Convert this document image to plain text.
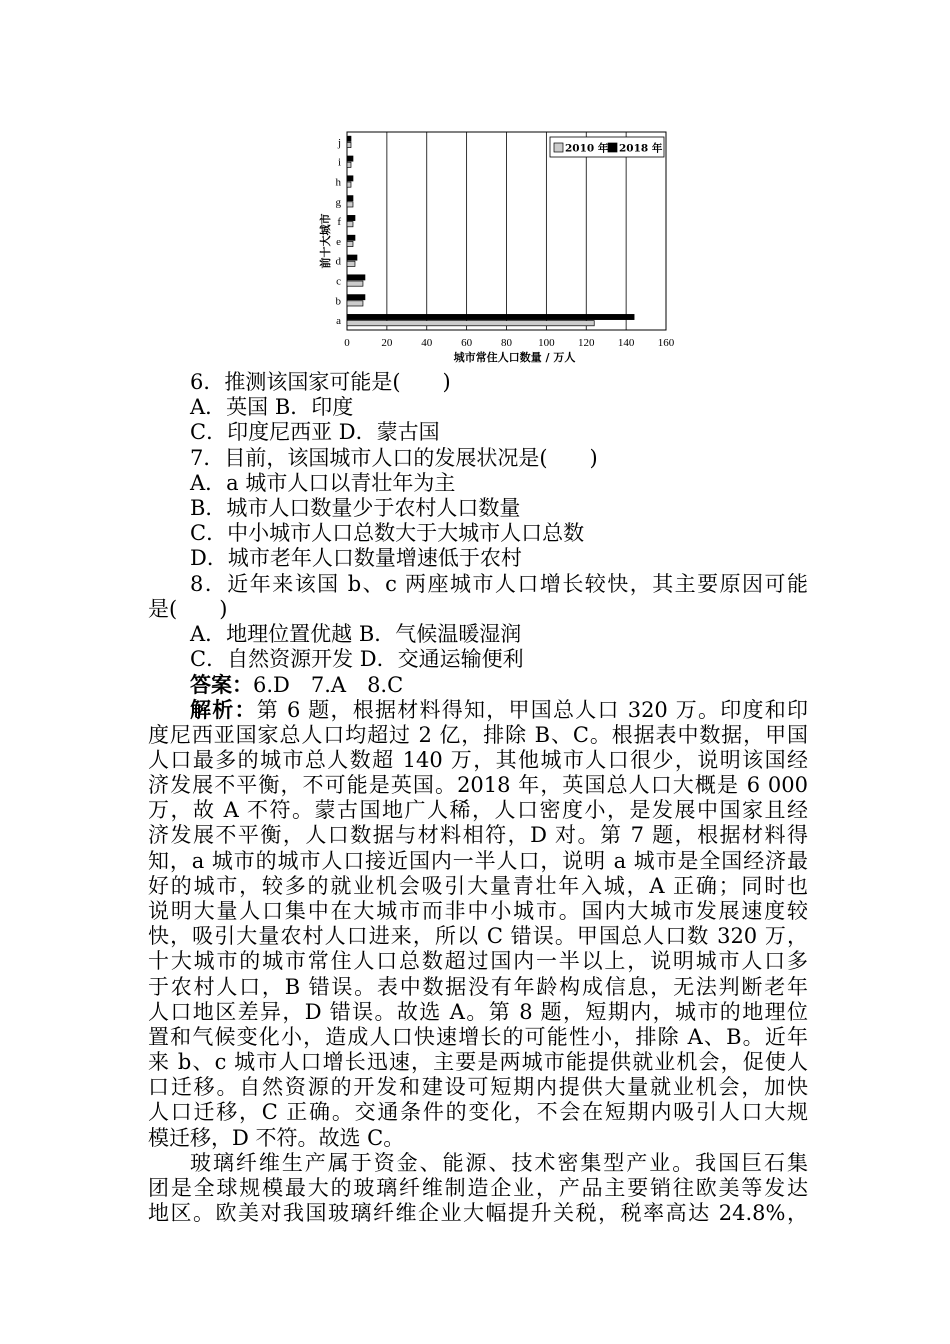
0	20	40	60	80 100 120 140 160
a
b
c
d
e
f
g
h
i
j
城市常住人口数量 / 万人
前十大城市
2010 年 2018 年
6．推测该国家可能是(　　)
A．英国 B．印度
C．印度尼西亚 D．蒙古国
7．目前，该国城市人口的发展状况是(　　)
A．a 城市人口以青壮年为主
B．城市人口数量少于农村人口数量
C．中小城市人口总数大于大城市人口总数
D．城市老年人口数量增速低于农村
8．近年来该国 b、c 两座城市人口增长较快，其主要原因可能
是(　　)
A．地理位置优越 B．气候温暖湿润
C．自然资源开发 D．交通运输便利
答案：6.D　7.A　8.C
解析：第 6 题，根据材料得知，甲国总人口 320 万。印度和印
度尼西亚国家总人口均超过 2 亿，排除 B、C。根据表中数据，甲国
人口最多的城市总人数超 140 万，其他城市人口很少，说明该国经
济发展不平衡，不可能是英国。2018 年，英国总人口大概是 6 000
万，故 A 不符。蒙古国地广人稀，人口密度小，是发展中国家且经
济发展不平衡，人口数据与材料相符，D 对。第 7 题，根据材料得
知，a 城市的城市人口接近国内一半人口，说明 a 城市是全国经济最
好的城市，较多的就业机会吸引大量青壮年入城，A 正确；同时也
说明大量人口集中在大城市而非中小城市。国内大城市发展速度较
快，吸引大量农村人口进来，所以 C 错误。甲国总人口数 320 万，
十大城市的城市常住人口总数超过国内一半以上，说明城市人口多
于农村人口，B 错误。表中数据没有年龄构成信息，无法判断老年
人口地区差异，D 错误。故选 A。第 8 题，短期内，城市的地理位
置和气候变化小，造成人口快速增长的可能性小，排除 A、B。近年
来 b、c 城市人口增长迅速，主要是两城市能提供就业机会，促使人
口迁移。自然资源的开发和建设可短期内提供大量就业机会，加快
人口迁移，C 正确。交通条件的变化，不会在短期内吸引人口大规
模迁移，D 不符。故选 C。
玻璃纤维生产属于资金、能源、技术密集型产业。我国巨石集
团是全球规模最大的玻璃纤维制造企业，产品主要销往欧美等发达
地区。欧美对我国玻璃纤维企业大幅提升关税，税率高达 24.8%，
